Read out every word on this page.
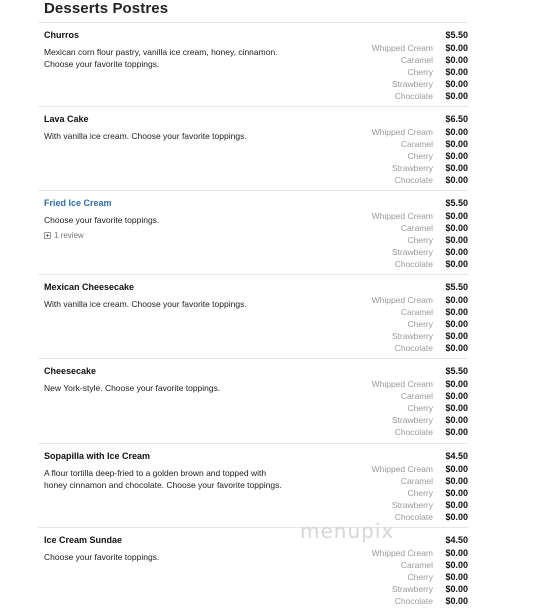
Desserts Postres
Churros
Mexican corn flour pastry, vanilla ice cream, honey, cinnamon. Choose your favorite toppings.
$5.50
Whipped Cream	$0.00
Caramel	$0.00
Cherry	$0.00
Strawberry	$0.00
Chocolate	$0.00
Lava Cake
With vanilla ice cream. Choose your favorite toppings.
$6.50
Whipped Cream	$0.00
Caramel	$0.00
Cherry	$0.00
Strawberry	$0.00
Chocolate	$0.00
Fried Ice Cream
Choose your favorite toppings.
1 review
$5.50
Whipped Cream	$0.00
Caramel	$0.00
Cherry	$0.00
Strawberry	$0.00
Chocolate	$0.00
Mexican Cheesecake
With vanilla ice cream. Choose your favorite toppings.
$5.50
Whipped Cream	$0.00
Caramel	$0.00
Cherry	$0.00
Strawberry	$0.00
Chocolate	$0.00
Cheesecake
New York-style. Choose your favorite toppings.
$5.50
Whipped Cream	$0.00
Caramel	$0.00
Cherry	$0.00
Strawberry	$0.00
Chocolate	$0.00
Sopapilla with Ice Cream
A flour tortilla deep-fried to a golden brown and topped with honey cinnamon and chocolate. Choose your favorite toppings.
$4.50
Whipped Cream	$0.00
Caramel	$0.00
Cherry	$0.00
Strawberry	$0.00
Chocolate	$0.00
Ice Cream Sundae
Choose your favorite toppings.
$4.50
Whipped Cream	$0.00
Caramel	$0.00
Cherry	$0.00
Strawberry	$0.00
Chocolate	$0.00
menupix
